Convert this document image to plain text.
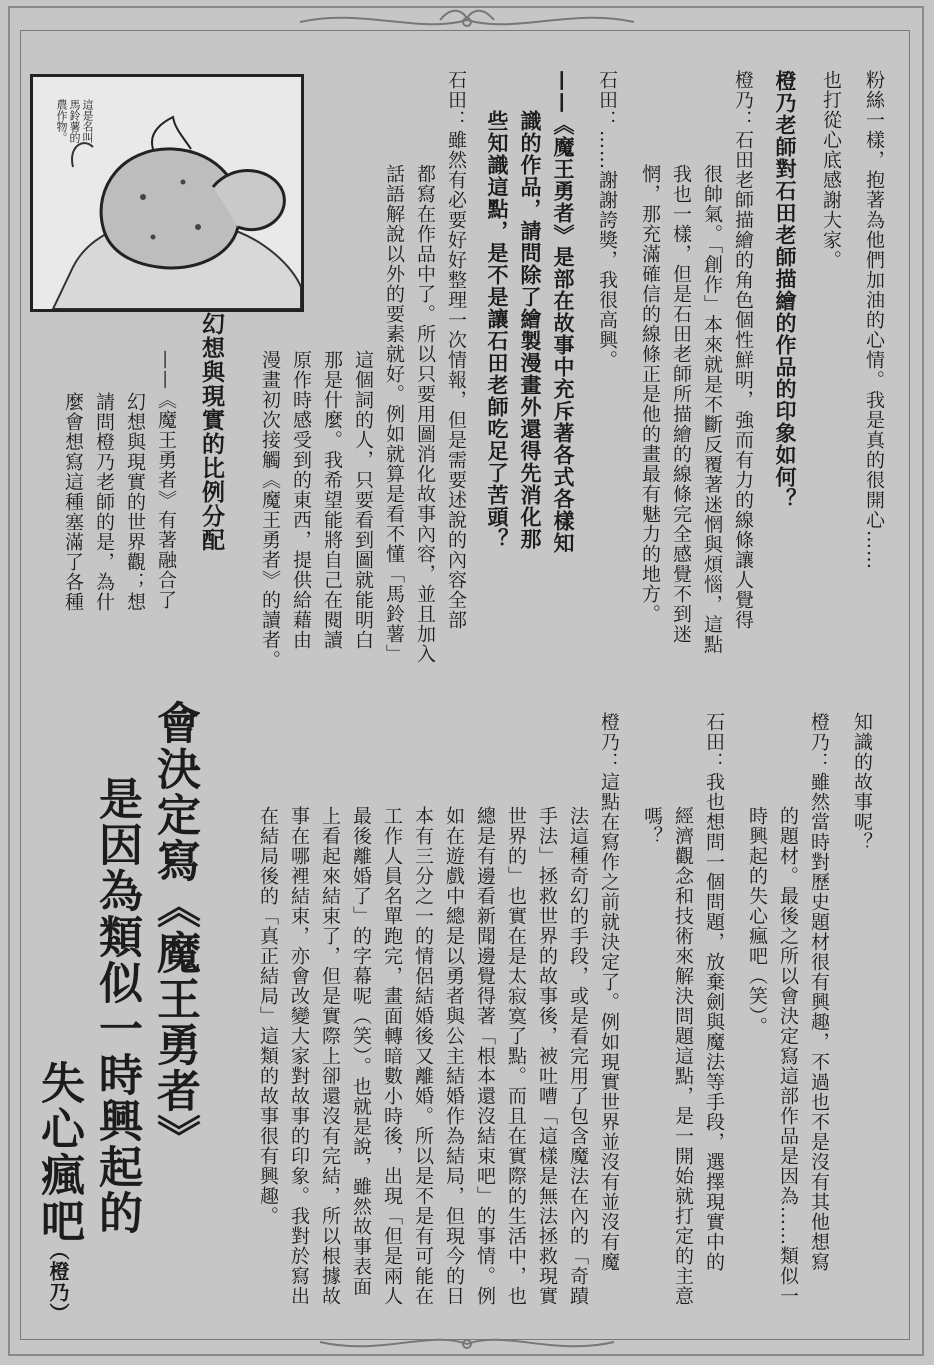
這是名叫
馬鈴薯的
農作物。	粉絲一樣，抱著為他們加油的心情。我是真的很開心……
也打從心底感謝大家。
橙乃老師對石田老師描繪的作品的印象如何？
橙乃：石田老師描繪的角色個性鮮明，強而有力的線條讓人覺得
很帥氣。「創作」本來就是不斷反覆著迷惘與煩惱，這點
我也一樣，但是石田老師所描繪的線條完全感覺不到迷
惘，那充滿確信的線條正是他的畫最有魅力的地方。
石田：……謝謝誇獎，我很高興。
——《魔王勇者》是部在故事中充斥著各式各樣知
識的作品，請問除了繪製漫畫外還得先消化那
些知識這點，是不是讓石田老師吃足了苦頭？
石田：雖然有必要好好整理一次情報，但是需要述說的內容全部
都寫在作品中了。所以只要用圖消化故事內容，並且加入
話語解說以外的要素就好。例如就算是看不懂「馬鈴薯」
這個詞的人，只要看到圖就能明白
那是什麼。我希望能將自己在閱讀
原作時感受到的東西，提供給藉由
漫畫初次接觸《魔王勇者》的讀者。
幻想與現實的比例分配
——《魔王勇者》有著融合了
幻想與現實的世界觀；想
請問橙乃老師的是，為什
麼會想寫這種塞滿了各種
知識的故事呢？
橙乃：雖然當時對歷史題材很有興趣，不過也不是沒有其他想寫
的題材。最後之所以會決定寫這部作品是因為……類似一
時興起的失心瘋吧（笑）。
石田：我也想問一個問題，放棄劍與魔法等手段，選擇現實中的
經濟觀念和技術來解決問題這點，是一開始就打定的主意
嗎？
橙乃：這點在寫作之前就決定了。例如現實世界並沒有並沒有魔
法這種奇幻的手段，或是看完用了包含魔法在內的「奇蹟
手法」拯救世界的故事後，被吐嘈「這樣是無法拯救現實
世界的」也實在是太寂寞了點。而且在實際的生活中，也
總是有邊看新聞邊覺得著「根本還沒結束吧」的事情。例
如在遊戲中總是以勇者與公主結婚作為結局，但現今的日
本有三分之一的情侶結婚後又離婚。所以是不是有可能在
工作人員名單跑完，畫面轉暗數小時後，出現「但是兩人
最後離婚了」的字幕呢（笑）。也就是說，雖然故事表面
上看起來結束了，但是實際上卻還沒有完結，所以根據故
事在哪裡結束，亦會改變大家對故事的印象。我對於寫出
在結局後的「真正結局」這類的故事很有興趣。
會決定寫《魔王勇者》
是因為類似一時興起的
失心瘋吧
（橙乃）
